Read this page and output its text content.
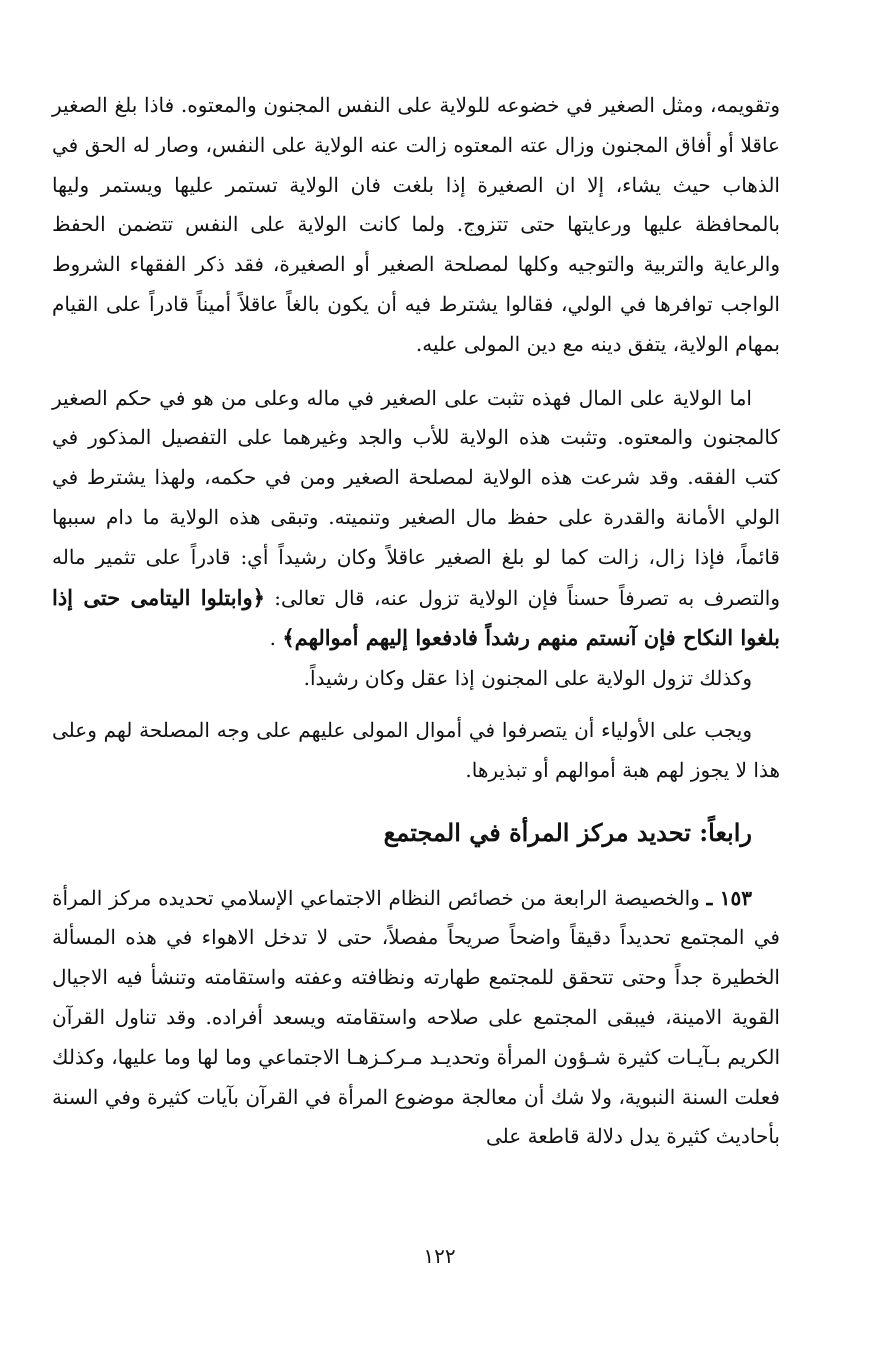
وتقويمه، ومثل الصغير في خضوعه للولاية على النفس المجنون والمعتوه. فاذا بلغ الصغير عاقلا أو أفاق المجنون وزال عته المعتوه زالت عنه الولاية على النفس، وصار له الحق في الذهاب حيث يشاء، إلا ان الصغيرة إذا بلغت فان الولاية تستمر عليها ويستمر وليها بالمحافظة عليها ورعايتها حتى تتزوج. ولما كانت الولاية على النفس تتضمن الحفظ والرعاية والتربية والتوجيه وكلها لمصلحة الصغير أو الصغيرة، فقد ذكر الفقهاء الشروط الواجب توافرها في الولي، فقالوا يشترط فيه أن يكون بالغاً عاقلاً أميناً قادراً على القيام بمهام الولاية، يتفق دينه مع دين المولى عليه.

اما الولاية على المال فهذه تثبت على الصغير في ماله وعلى من هو في حكم الصغير كالمجنون والمعتوه. وتثبت هذه الولاية للأب والجد وغيرهما على التفصيل المذكور في كتب الفقه. وقد شرعت هذه الولاية لمصلحة الصغير ومن في حكمه، ولهذا يشترط في الولي الأمانة والقدرة على حفظ مال الصغير وتنميته. وتبقى هذه الولاية ما دام سببها قائماً، فإذا زال، زالت كما لو بلغ الصغير عاقلاً وكان رشيداً أي: قادراً على تثمير ماله والتصرف به تصرفاً حسناً فإن الولاية تزول عنه، قال تعالى: ﴿وابتلوا اليتامى حتى إذا بلغوا النكاح فإن آنستم منهم رشداً فادفعوا إليهم أموالهم﴾ .
وكذلك تزول الولاية على المجنون إذا عقل وكان رشيداً.

ويجب على الأولياء أن يتصرفوا في أموال المولى عليهم على وجه المصلحة لهم وعلى هذا لا يجوز لهم هبة أموالهم أو تبذيرها.

رابعاً: تحديد مركز المرأة في المجتمع

١٥٣ ـ والخصيصة الرابعة من خصائص النظام الاجتماعي الإسلامي تحديده مركز المرأة في المجتمع تحديداً دقيقاً واضحاً صريحاً مفصلاً، حتى لا تدخل الاهواء في هذه المسألة الخطيرة جداً وحتى تتحقق للمجتمع طهارته ونظافته وعفته واستقامته وتنشأ فيه الاجيال القوية الامينة، فيبقى المجتمع على صلاحه واستقامته ويسعد أفراده. وقد تناول القرآن الكريم بـآيـات كثيرة شـؤون المرأة وتحديـد مـركـزهـا الاجتماعي وما لها وما عليها، وكذلك فعلت السنة النبوية، ولا شك أن معالجة موضوع المرأة في القرآن بآيات كثيرة وفي السنة بأحاديث كثيرة يدل دلالة قاطعة على

١٢٢
